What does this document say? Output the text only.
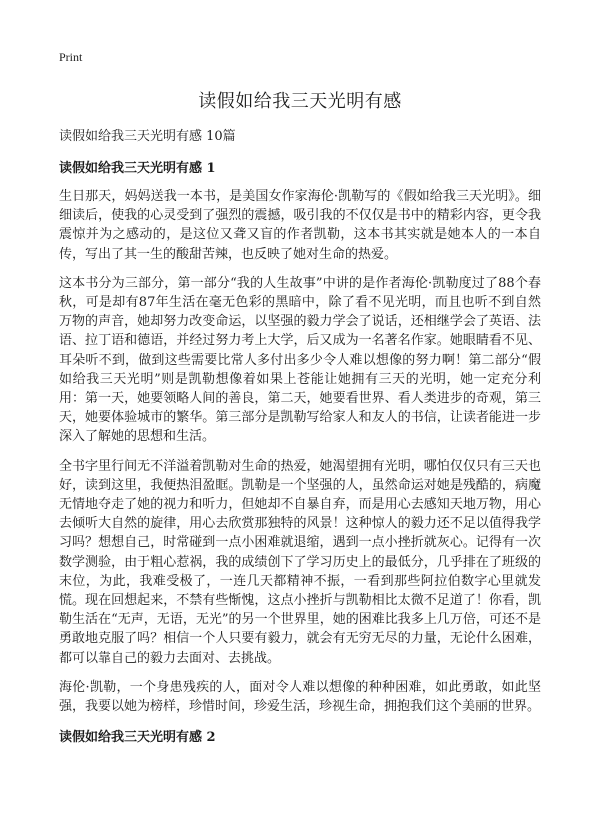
Print
读假如给我三天光明有感
读假如给我三天光明有感 10篇
读假如给我三天光明有感 1

生日那天，妈妈送我一本书，是美国女作家海伦·凯勒写的《假如给我三天光明》。细细读后，使我的心灵受到了强烈的震撼，吸引我的不仅仅是书中的精彩内容，更令我震惊并为之感动的，是这位又聋又盲的作者凯勒，这本书其实就是她本人的一本自传，写出了其一生的酸甜苦辣，也反映了她对生命的热爱。

这本书分为三部分，第一部分“我的人生故事”中讲的是作者海伦·凯勒度过了88个春秋，可是却有87年生活在毫无色彩的黑暗中，除了看不见光明，而且也听不到自然万物的声音，她却努力改变命运，以坚强的毅力学会了说话，还相继学会了英语、法语、拉丁语和德语，并经过努力考上大学，后又成为一名著名作家。她眼睛看不见、耳朵听不到，做到这些需要比常人多付出多少令人难以想像的努力啊！第二部分“假如给我三天光明”则是凯勒想像着如果上苍能让她拥有三天的光明，她一定充分利用：第一天，她要领略人间的善良，第二天，她要看世界、看人类进步的奇观，第三天，她要体验城市的繁华。第三部分是凯勒写给家人和友人的书信，让读者能进一步深入了解她的思想和生活。

全书字里行间无不洋溢着凯勒对生命的热爱，她渴望拥有光明，哪怕仅仅只有三天也好，读到这里，我便热泪盈眶。凯勒是一个坚强的人，虽然命运对她是残酷的，病魔无情地夺走了她的视力和听力，但她却不自暴自弃，而是用心去感知天地万物，用心去倾听大自然的旋律，用心去欣赏那独特的风景！这种惊人的毅力还不足以值得我学习吗？想想自己，时常碰到一点小困难就退缩，遇到一点小挫折就灰心。记得有一次数学测验，由于粗心惹祸，我的成绩创下了学习历史上的最低分，几乎排在了班级的末位，为此，我难受极了，一连几天都精神不振，一看到那些阿拉伯数字心里就发慌。现在回想起来，不禁有些惭愧，这点小挫折与凯勒相比太微不足道了！你看，凯勒生活在“无声，无语，无光”的另一个世界里，她的困难比我多上几万倍，可还不是勇敢地克服了吗？相信一个人只要有毅力，就会有无穷无尽的力量，无论什么困难，都可以靠自己的毅力去面对、去挑战。

海伦·凯勒，一个身患残疾的人，面对令人难以想像的种种困难，如此勇敢，如此坚强，我要以她为榜样，珍惜时间，珍爱生活，珍视生命，拥抱我们这个美丽的世界。

读假如给我三天光明有感 2
